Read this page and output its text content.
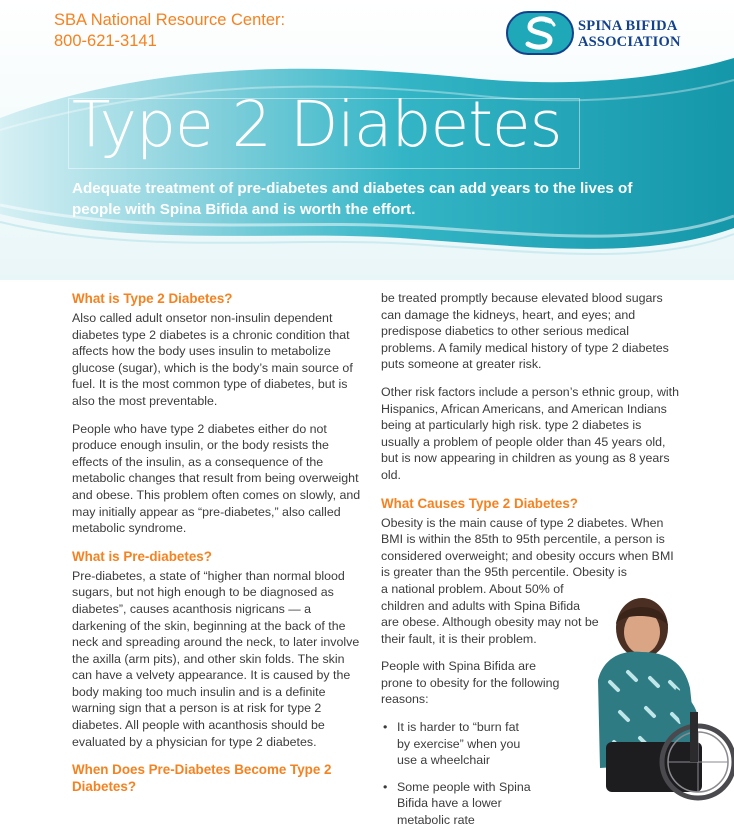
SBA National Resource Center:
800-621-3141
SPINA BIFIDA
ASSOCIATION
Type 2 Diabetes

Adequate treatment of pre-diabetes and diabetes can add years to the lives of people with Spina Bifida and is worth the effort.

What is Type 2 Diabetes?

Also called adult onsetor non-insulin dependent diabetes type 2 diabetes is a chronic condition that affects how the body uses insulin to metabolize glucose (sugar), which is the body’s main source of fuel. It is the most common type of diabetes, but is also the most preventable.

People who have type 2 diabetes either do not produce enough insulin, or the body resists the effects of the insulin, as a consequence of the metabolic changes that result from being overweight and obese. This problem often comes on slowly, and may initially appear as “pre-diabetes,” also called metabolic syndrome.

What is Pre-diabetes?

Pre-diabetes, a state of “higher than normal blood sugars, but not high enough to be diagnosed as diabetes”, causes acanthosis nigricans — a darkening of the skin, beginning at the back of the neck and spreading around the neck, to later involve the axilla (arm pits), and other skin folds. The skin can have a velvety appearance. It is caused by the body making too much insulin and is a definite warning sign that a person is at risk for type 2 diabetes. All people with acanthosis should be evaluated by a physician for type 2 diabetes.

When Does Pre-Diabetes Become Type 2 Diabetes?

be treated promptly because elevated blood sugars can damage the kidneys, heart, and eyes; and predispose diabetics to other serious medical problems. A family medical history of type 2 diabetes puts someone at greater risk.

Other risk factors include a person’s ethnic group, with Hispanics, African Americans, and American Indians being at particularly high risk. type 2 diabetes is usually a problem of people older than 45 years old, but is now appearing in children as young as 8 years old.

What Causes Type 2 Diabetes?

Obesity is the main cause of type 2 diabetes. When BMI is within the 85th to 95th percentile, a person is considered overweight; and obesity occurs when BMI is greater than the 95th percentile. Obesity is

a national problem. About 50% of children and adults with Spina Bifida are obese. Although obesity may not be their fault, it is their problem.

People with Spina Bifida are prone to obesity for the following reasons:

• It is harder to “burn fat by exercise” when you use a wheelchair
• Some people with Spina Bifida have a lower metabolic rate
